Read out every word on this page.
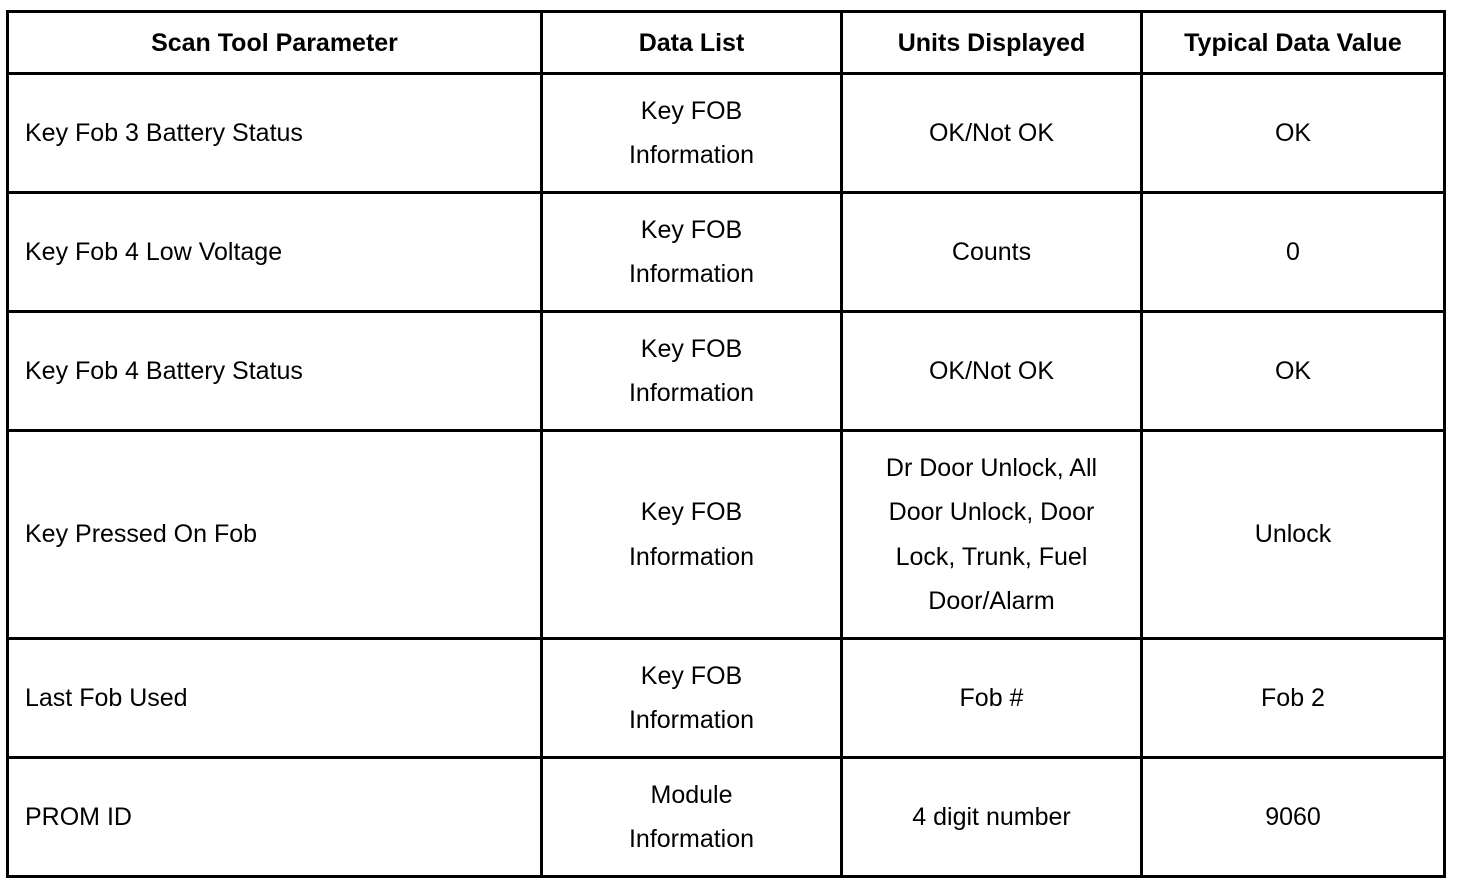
Scan Tool Parameter	Data List	Units Displayed	Typical Data Value
Key Fob 3 Battery Status	Key FOB Information	OK/Not OK	OK
Key Fob 4 Low Voltage	Key FOB Information	Counts	0
Key Fob 4 Battery Status	Key FOB Information	OK/Not OK	OK
Key Pressed On Fob	Key FOB Information	Dr Door Unlock, All Door Unlock, Door Lock, Trunk, Fuel Door/Alarm	Unlock
Last Fob Used	Key FOB Information	Fob #	Fob 2
PROM ID	Module Information	4 digit number	9060
